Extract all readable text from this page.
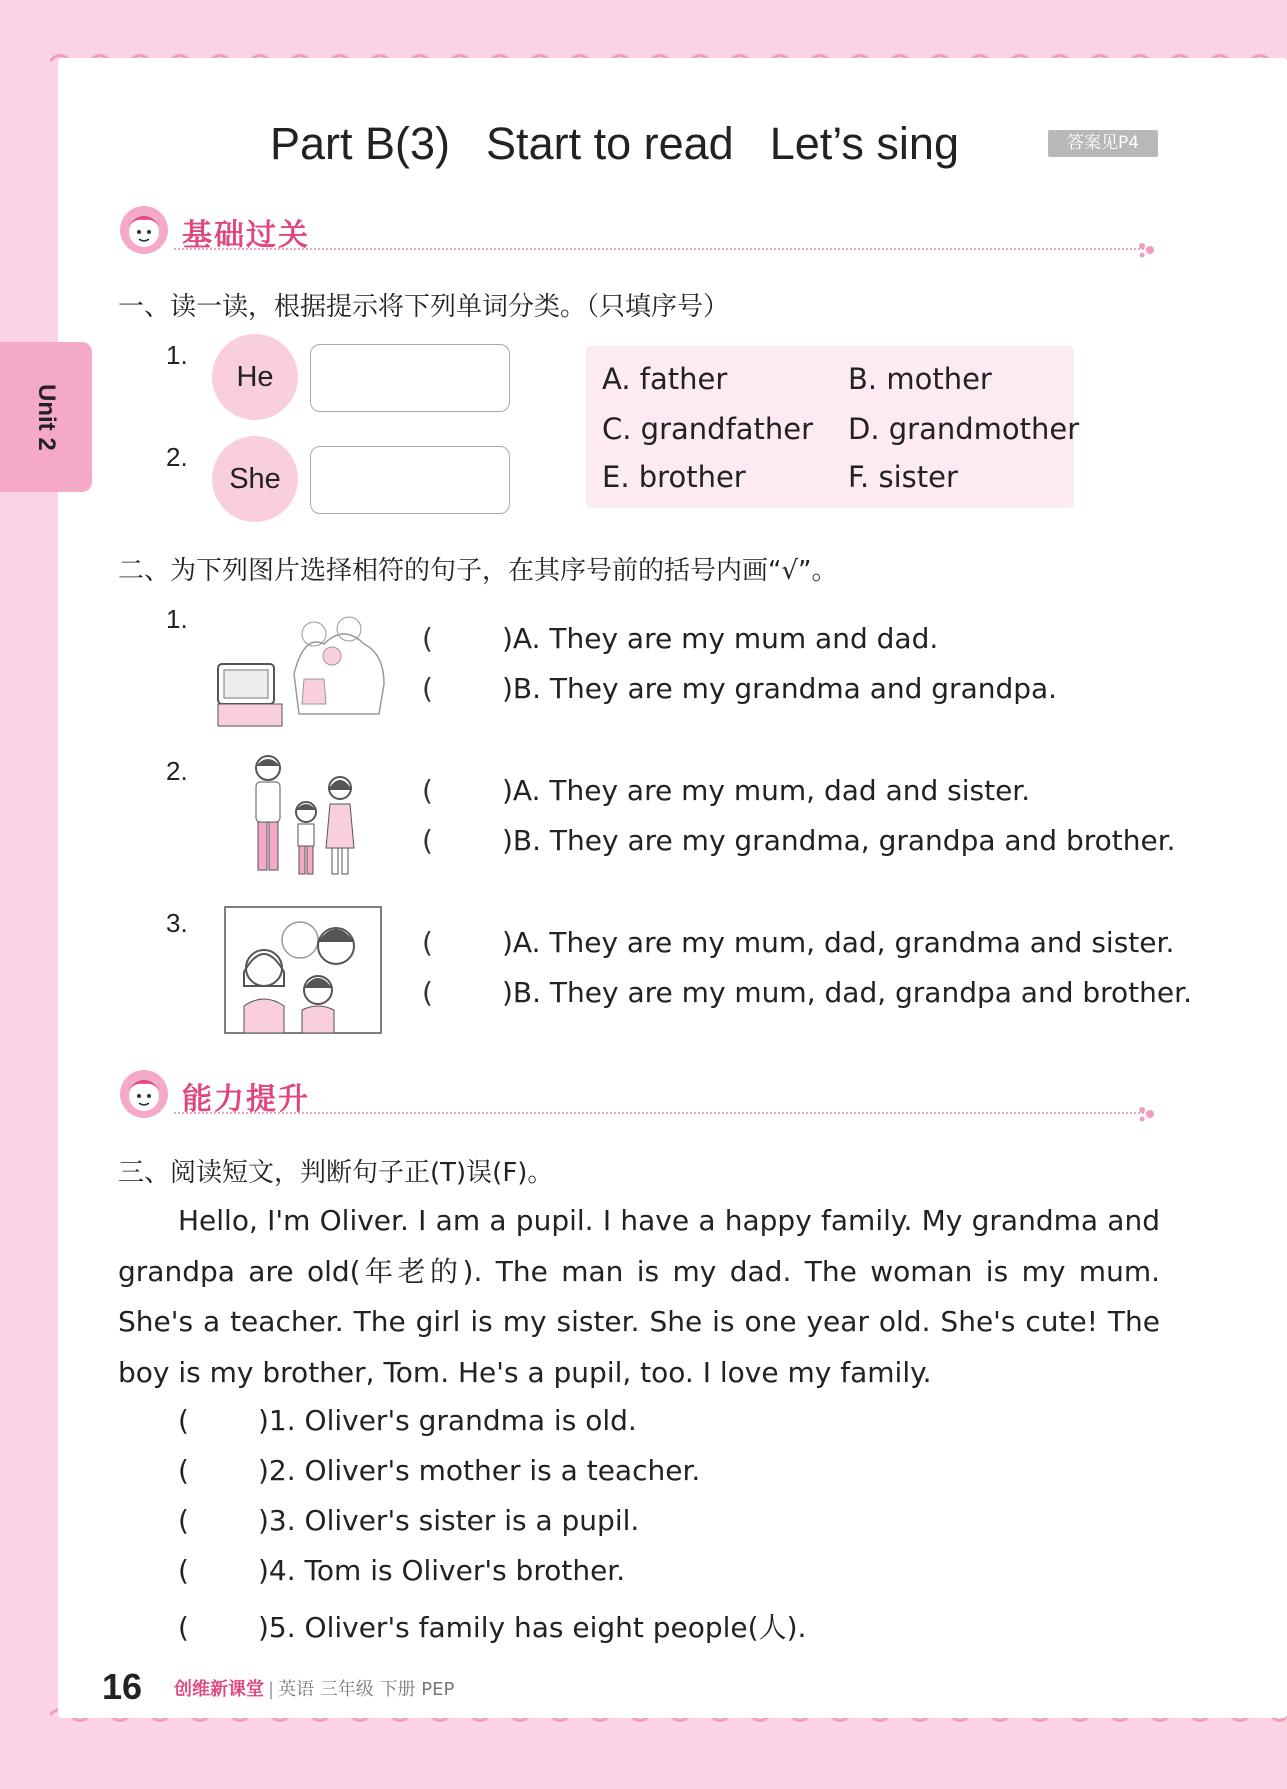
Unit 2
Part B(3) Start to read Let’s sing	答案见P4
基础过关
一、读一读，根据提示将下列单词分类。（只填序号）
1.
He
2.
She
A. father	B. mother
C. grandfather D. grandmother
E. brother	F. sister
二、为下列图片选择相符的句子，在其序号前的括号内画“√”。
1.
( )A. They are my mum and dad.
( )B. They are my grandma and grandpa.
2.
( )A. They are my mum, dad and sister.
( )B. They are my grandma, grandpa and brother.
3.
( )A. They are my mum, dad, grandma and sister.
( )B. They are my mum, dad, grandpa and brother.
能力提升
三、阅读短文，判断句子正(T)误(F)。
Hello, I'm Oliver. I am a pupil. I have a happy family. My grandma and grandpa are old(年老的). The man is my dad. The woman is my mum. She's a teacher. The girl is my sister. She is one year old. She's cute! The boy is my brother, Tom. He's a pupil, too. I love my family.
( )1. Oliver's grandma is old.
( )2. Oliver's mother is a teacher.
( )3. Oliver's sister is a pupil.
( )4. Tom is Oliver's brother.
( )5. Oliver's family has eight people(人).
16 创维新课堂 | 英语 三年级 下册 PEP
